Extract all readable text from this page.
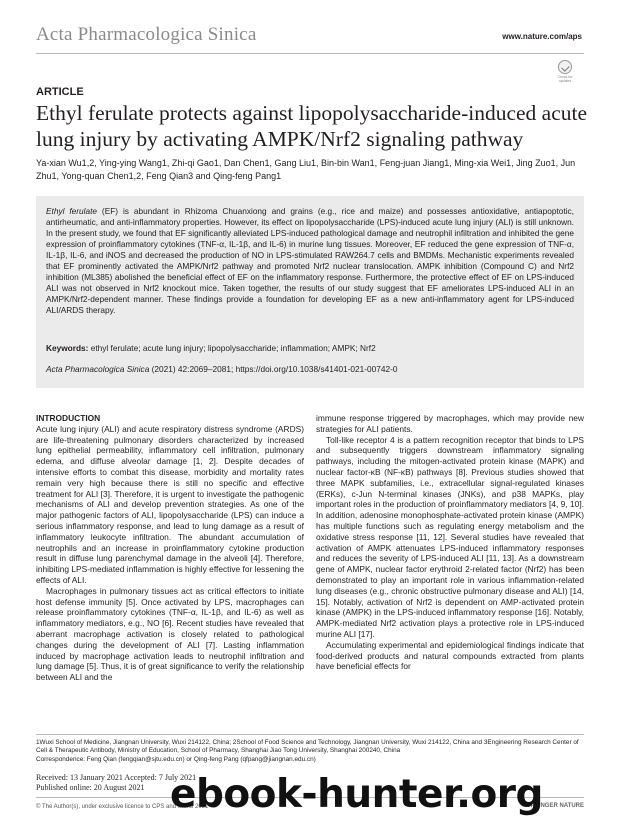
Acta Pharmacologica Sinica	www.nature.com/aps
Check for updates
ARTICLE
Ethyl ferulate protects against lipopolysaccharide-induced acute lung injury by activating AMPK/Nrf2 signaling pathway
Ya-xian Wu1,2, Ying-ying Wang1, Zhi-qi Gao1, Dan Chen1, Gang Liu1, Bin-bin Wan1, Feng-juan Jiang1, Ming-xia Wei1, Jing Zuo1, Jun Zhu1, Yong-quan Chen1,2, Feng Qian3 and Qing-feng Pang1
Ethyl ferulate (EF) is abundant in Rhizoma Chuanxiong and grains (e.g., rice and maize) and possesses antioxidative, antiapoptotic, antirheumatic, and anti-inflammatory properties. However, its effect on lipopolysaccharide (LPS)-induced acute lung injury (ALI) is still unknown. In the present study, we found that EF significantly alleviated LPS-induced pathological damage and neutrophil infiltration and inhibited the gene expression of proinflammatory cytokines (TNF-α, IL-1β, and IL-6) in murine lung tissues. Moreover, EF reduced the gene expression of TNF-α, IL-1β, IL-6, and iNOS and decreased the production of NO in LPS-stimulated RAW264.7 cells and BMDMs. Mechanistic experiments revealed that EF prominently activated the AMPK/Nrf2 pathway and promoted Nrf2 nuclear translocation. AMPK inhibition (Compound C) and Nrf2 inhibition (ML385) abolished the beneficial effect of EF on the inflammatory response. Furthermore, the protective effect of EF on LPS-induced ALI was not observed in Nrf2 knockout mice. Taken together, the results of our study suggest that EF ameliorates LPS-induced ALI in an AMPK/Nrf2-dependent manner. These findings provide a foundation for developing EF as a new anti-inflammatory agent for LPS-induced ALI/ARDS therapy.
Keywords: ethyl ferulate; acute lung injury; lipopolysaccharide; inflammation; AMPK; Nrf2
Acta Pharmacologica Sinica (2021) 42:2069–2081; https://doi.org/10.1038/s41401-021-00742-0
INTRODUCTION

Acute lung injury (ALI) and acute respiratory distress syndrome (ARDS) are life-threatening pulmonary disorders characterized by increased lung epithelial permeability, inflammatory cell infiltration, pulmonary edema, and diffuse alveolar damage [1, 2]. Despite decades of intensive efforts to combat this disease, morbidity and mortality rates remain very high because there is still no specific and effective treatment for ALI [3]. Therefore, it is urgent to investigate the pathogenic mechanisms of ALI and develop prevention strategies. As one of the major pathogenic factors of ALI, lipopolysaccharide (LPS) can induce a serious inflammatory response, and lead to lung damage as a result of inflammatory leukocyte infiltration. The abundant accumulation of neutrophils and an increase in proinflammatory cytokine production result in diffuse lung parenchymal damage in the alveoli [4]. Therefore, inhibiting LPS-mediated inflammation is highly effective for lessening the effects of ALI.

Macrophages in pulmonary tissues act as critical effectors to initiate host defense immunity [5]. Once activated by LPS, macrophages can release proinflammatory cytokines (TNF-α, IL-1β, and IL-6) as well as inflammatory mediators, e.g., NO [6]. Recent studies have revealed that aberrant macrophage activation is closely related to pathological changes during the development of ALI [7]. Lasting inflammation induced by macrophage activation leads to neutrophil infiltration and lung damage [5]. Thus, it is of great significance to verify the relationship between ALI and the

immune response triggered by macrophages, which may provide new strategies for ALI patients.

Toll-like receptor 4 is a pattern recognition receptor that binds to LPS and subsequently triggers downstream inflammatory signaling pathways, including the mitogen-activated protein kinase (MAPK) and nuclear factor-κB (NF-κB) pathways [8]. Previous studies showed that three MAPK subfamilies, i.e., extracellular signal-regulated kinases (ERKs), c-Jun N-terminal kinases (JNKs), and p38 MAPKs, play important roles in the production of proinflammatory mediators [4, 9, 10]. In addition, adenosine monophosphate-activated protein kinase (AMPK) has multiple functions such as regulating energy metabolism and the oxidative stress response [11, 12]. Several studies have revealed that activation of AMPK attenuates LPS-induced inflammatory responses and reduces the severity of LPS-induced ALI [11, 13]. As a downstream gene of AMPK, nuclear factor erythroid 2-related factor (Nrf2) has been demonstrated to play an important role in various inflammation-related lung diseases (e.g., chronic obstructive pulmonary disease and ALI) [14, 15]. Notably, activation of Nrf2 is dependent on AMP-activated protein kinase (AMPK) in the LPS-induced inflammatory response [16]. Notably, AMPK-mediated Nrf2 activation plays a protective role in LPS-induced murine ALI [17].

Accumulating experimental and epidemiological findings indicate that food-derived products and natural compounds extracted from plants have beneficial effects for

1Wuxi School of Medicine, Jiangnan University, Wuxi 214122, China; 2School of Food Science and Technology, Jiangnan University, Wuxi 214122, China and 3Engineering Research Center of Cell & Therapeutic Antibody, Ministry of Education, School of Pharmacy, Shanghai Jiao Tong University, Shanghai 200240, China
Correspondence: Feng Qian (fengqian@sjtu.edu.cn) or Qing-feng Pang (qfpang@jiangnan.edu.cn)
Received: 13 January 2021 Accepted: 7 July 2021
Published online: 20 August 2021
© The Author(s), under exclusive licence to CPS and SIMM 2021	SPRINGER NATURE
ebook-hunter.org
